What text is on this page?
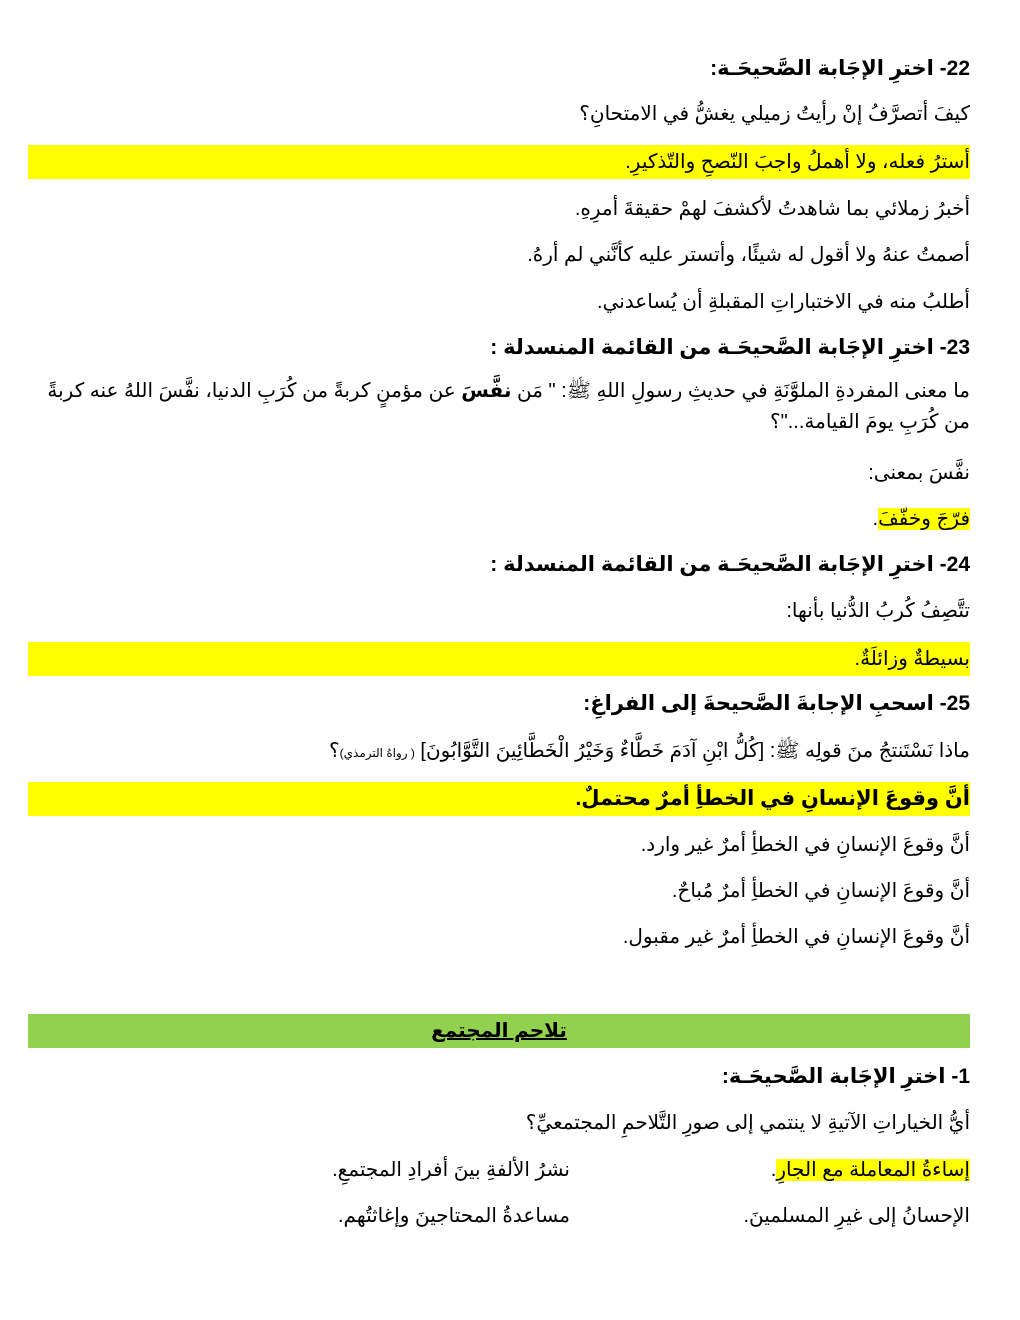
22- اخترِ الإجَابة الصَّحيحَـة:
كيفَ أتصرَّفُ إنْ رأيتُ زميلي يغشُّ في الامتحانِ؟
أسترُ فعله، ولا أهملُ واجبَ النّصحِ والتّذكيرِ.
أخبرُ زملائي بما شاهدتُ لأكشفَ لهمْ حقيقةَ أمرِهِ.
أصمتُ عنهُ ولا أقول له شيئًا، وأتستر عليه كأنَّني لم أرهُ.
أطلبُ منه في الاختباراتِ المقبلةِ أن يُساعدني.
23- اخترِ الإجَابة الصَّحيحَـة من القائمة المنسدلة :
ما معنى المفردةِ الملوَّنَةِ في حديثِ رسولِ اللهِ ﷺ: " مَن نفَّسَ عن مؤمنٍ كربةً من كُرَبِ الدنيا، نفَّسَ اللهُ عنه كربةً من كُرَبِ يومَ القيامة..."؟
نفَّسَ بمعنى:
فرّجَ وخفّفَ.
24- اخترِ الإجَابة الصَّحيحَـة من القائمة المنسدلة :
تتَّصِفُ كُربُ الدُّنيا بأنها:
بسيطةٌ وزائلَةٌ.
25- اسحبِ الإجابةَ الصَّحيحةَ إلى الفراغِ:
ماذا نَسْتَنتجُ منَ قولِه ﷺ: [كُلُّ ابْنِ آدَمَ خَطَّاءٌ وَخَيْرُ الْخَطَّائِينَ التَّوَّابُونَ] ( رواهُ الترمذي)؟
أنَّ وقوعَ الإنسانِ في الخطأِ أمرٌ محتملٌ.
أنَّ وقوعَ الإنسانِ في الخطأِ أمرٌ غير وارد.
أنَّ وقوعَ الإنسانِ في الخطأِ أمرٌ مُباحٌ.
أنَّ وقوعَ الإنسانِ في الخطأِ أمرٌ غير مقبول.
تلاحم المجتمع
1- اخترِ الإجَابة الصَّحيحَـة:
أيُّ الخياراتِ الآتيةِ لا ينتمي إلى صورِ التَّلاحمِ المجتمعيِّ؟
إساءةُ المعاملة مع الجارِ.
نشرُ الألفةِ بينَ أفرادِ المجتمعِ.
الإحسانُ إلى غيرِ المسلمينَ.
مساعدةُ المحتاجينَ وإغاثتُهم.
